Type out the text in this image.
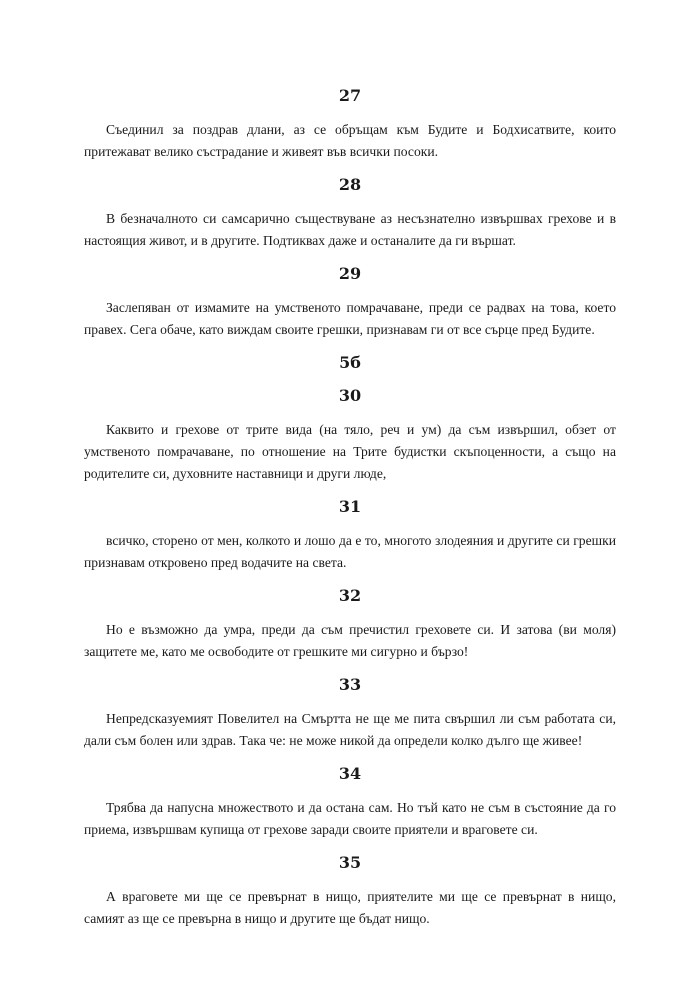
27

Съединил за поздрав длани, аз се обръщам към Будите и Бодхисатвите, които притежават велико състрадание и живеят във всички посоки.

28

В безначалното си самсарично съществуване аз несъзнателно извършвах грехове и в настоящия живот, и в другите. Подтиквах даже и останалите да ги вършат.

29

Заслепяван от измамите на умственото помрачаване, преди се радвах на това, което правех. Сега обаче, като виждам своите грешки, признавам ги от все сърце пред Будите.

5б
30

Каквито и грехове от трите вида (на тяло, реч и ум) да съм извършил, обзет от умственото помрачаване, по отношение на Трите будистки скъпоценности, а също на родителите си, духовните наставници и други люде,

31

всичко, сторено от мен, колкото и лошо да е то, многото злодеяния и другите си грешки признавам откровено пред водачите на света.

32

Но е възможно да умра, преди да съм пречистил греховете си. И затова (ви моля) защитете ме, като ме освободите от грешките ми сигурно и бързо!

33

Непредсказуемият Повелител на Смъртта не ще ме пита свършил ли съм работата си, дали съм болен или здрав. Така че: не може никой да определи колко дълго ще живее!

34

Трябва да напусна множеството и да остана сам. Но тъй като не съм в състояние да го приема, извършвам купища от грехове заради своите приятели и враговете си.

35

А враговете ми ще се превърнат в нищо, приятелите ми ще се превърнат в нищо, самият аз ще се превърна в нищо и другите ще бъдат нищо.
